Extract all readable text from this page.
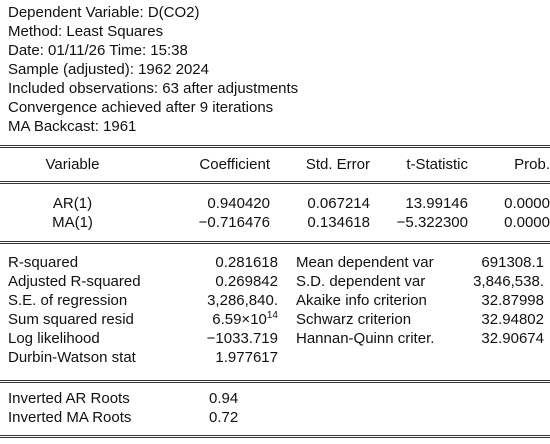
Dependent Variable: D(CO2)
Method: Least Squares
Date: 01/11/26 Time: 15:38
Sample (adjusted): 1962 2024
Included observations: 63 after adjustments
Convergence achieved after 9 iterations
MA Backcast: 1961
Variable	Coefficient	Std. Error	t-Statistic	Prob.
AR(1)	0.940420	0.067214	13.99146	0.0000
MA(1)	−0.716476	0.134618	−5.322300	0.0000
R-squared	0.281618	Mean dependent var	691308.1
Adjusted R-squared	0.269842	S.D. dependent var	3,846,538.
S.E. of regression	3,286,840.	Akaike info criterion	32.87998
Sum squared resid	$6.59\times 10^{14}$	Schwarz criterion	32.94802
Log likelihood	−1033.719	Hannan-Quinn criter.	32.90674
Durbin-Watson stat	1.977617		
Inverted AR Roots	0.94
Inverted MA Roots	0.72
